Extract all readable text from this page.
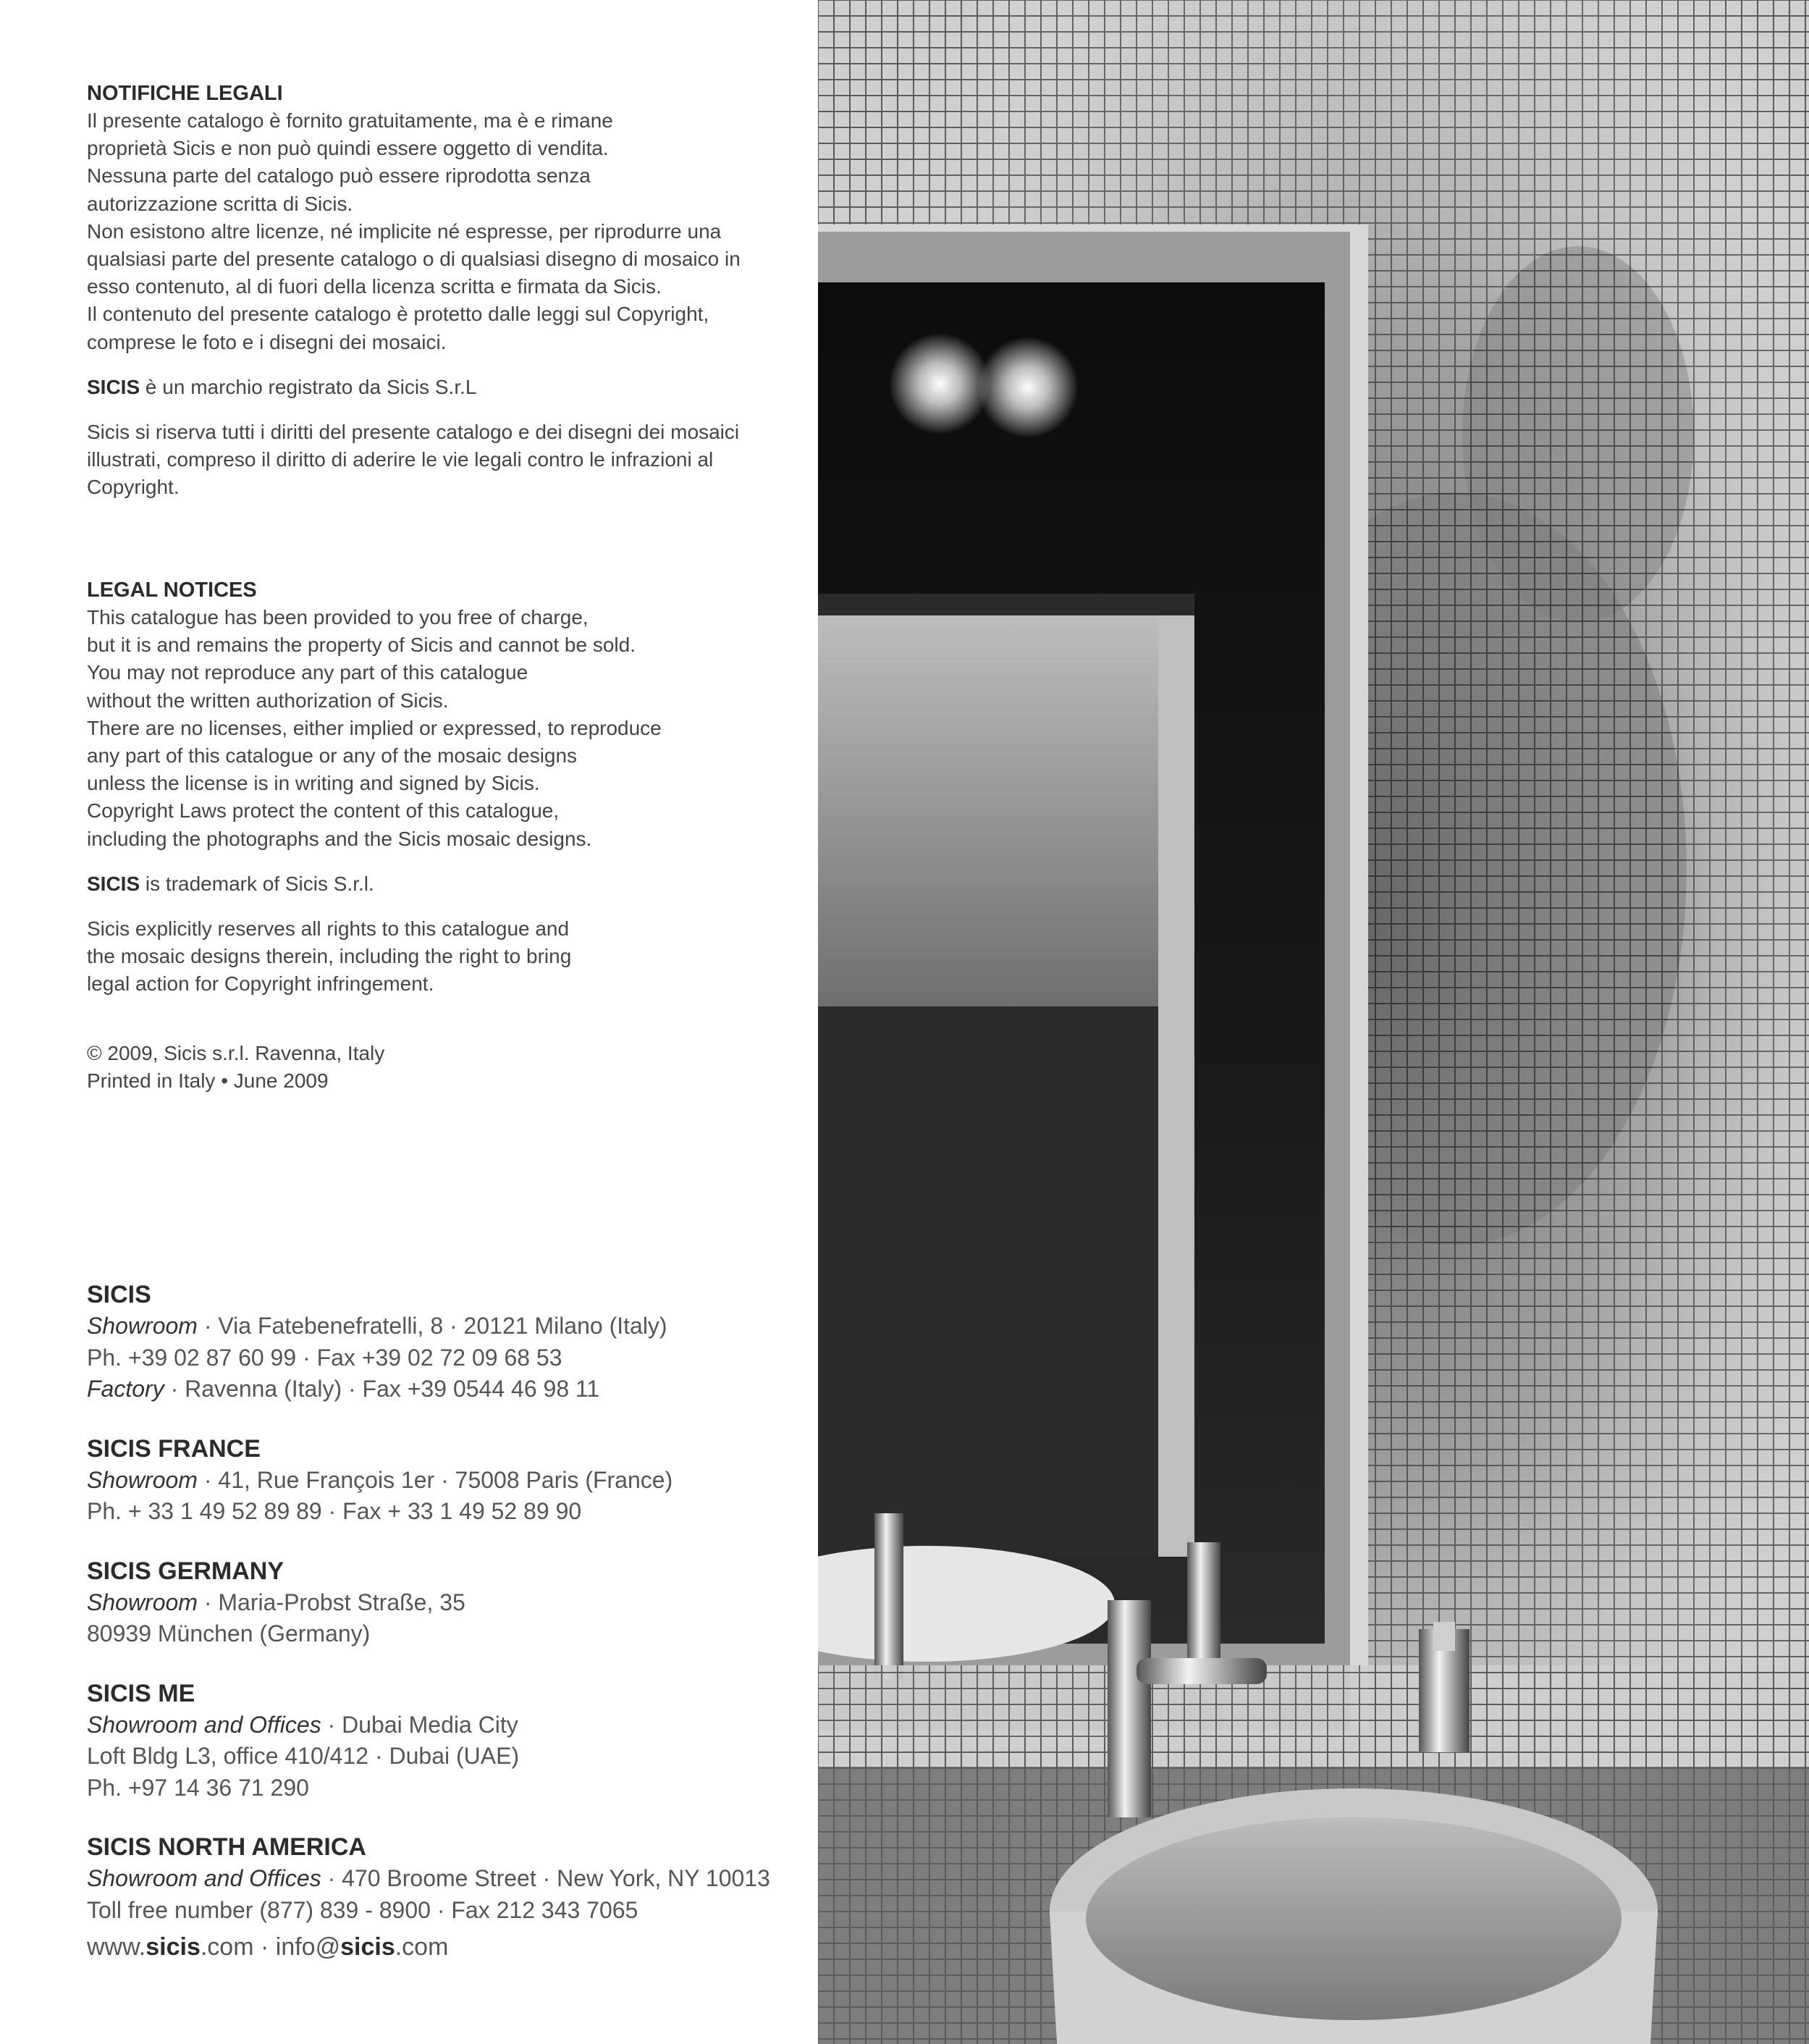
NOTIFICHE LEGALI
Il presente catalogo è fornito gratuitamente, ma è e rimane
proprietà Sicis e non può quindi essere oggetto di vendita.
Nessuna parte del catalogo può essere riprodotta senza
autorizzazione scritta di Sicis.
Non esistono altre licenze, né implicite né espresse, per riprodurre una
qualsiasi parte del presente catalogo o di qualsiasi disegno di mosaico in
esso contenuto, al di fuori della licenza scritta e firmata da Sicis.
Il contenuto del presente catalogo è protetto dalle leggi sul Copyright,
comprese le foto e i disegni dei mosaici.
SICIS è un marchio registrato da Sicis S.r.L
Sicis si riserva tutti i diritti del presente catalogo e dei disegni dei mosaici
illustrati, compreso il diritto di aderire le vie legali contro le infrazioni al
Copyright.
LEGAL NOTICES
This catalogue has been provided to you free of charge,
but it is and remains the property of Sicis and cannot be sold.
You may not reproduce any part of this catalogue
without the written authorization of Sicis.
There are no licenses, either implied or expressed, to reproduce
any part of this catalogue or any of the mosaic designs
unless the license is in writing and signed by Sicis.
Copyright Laws protect the content of this catalogue,
including the photographs and the Sicis mosaic designs.
SICIS is trademark of Sicis S.r.l.
Sicis explicitly reserves all rights to this catalogue and
the mosaic designs therein, including the right to bring
legal action for Copyright infringement.
© 2009, Sicis s.r.l. Ravenna, Italy
Printed in Italy • June 2009
SICIS
Showroom · Via Fatebenefratelli, 8 · 20121 Milano (Italy)
Ph. +39 02 87 60 99 · Fax +39 02 72 09 68 53
Factory · Ravenna (Italy) · Fax +39 0544 46 98 11
SICIS FRANCE
Showroom · 41, Rue François 1er · 75008 Paris (France)
Ph. + 33 1 49 52 89 89 · Fax + 33 1 49 52 89 90
SICIS GERMANY
Showroom · Maria-Probst Straße, 35
80939 München (Germany)
SICIS ME
Showroom and Offices · Dubai Media City
Loft Bldg L3, office 410/412 · Dubai (UAE)
Ph. +97 14 36 71 290
SICIS NORTH AMERICA
Showroom and Offices · 470 Broome Street · New York, NY 10013
Toll free number (877) 839 - 8900 · Fax 212 343 7065
www.sicis.com · info@sicis.com
